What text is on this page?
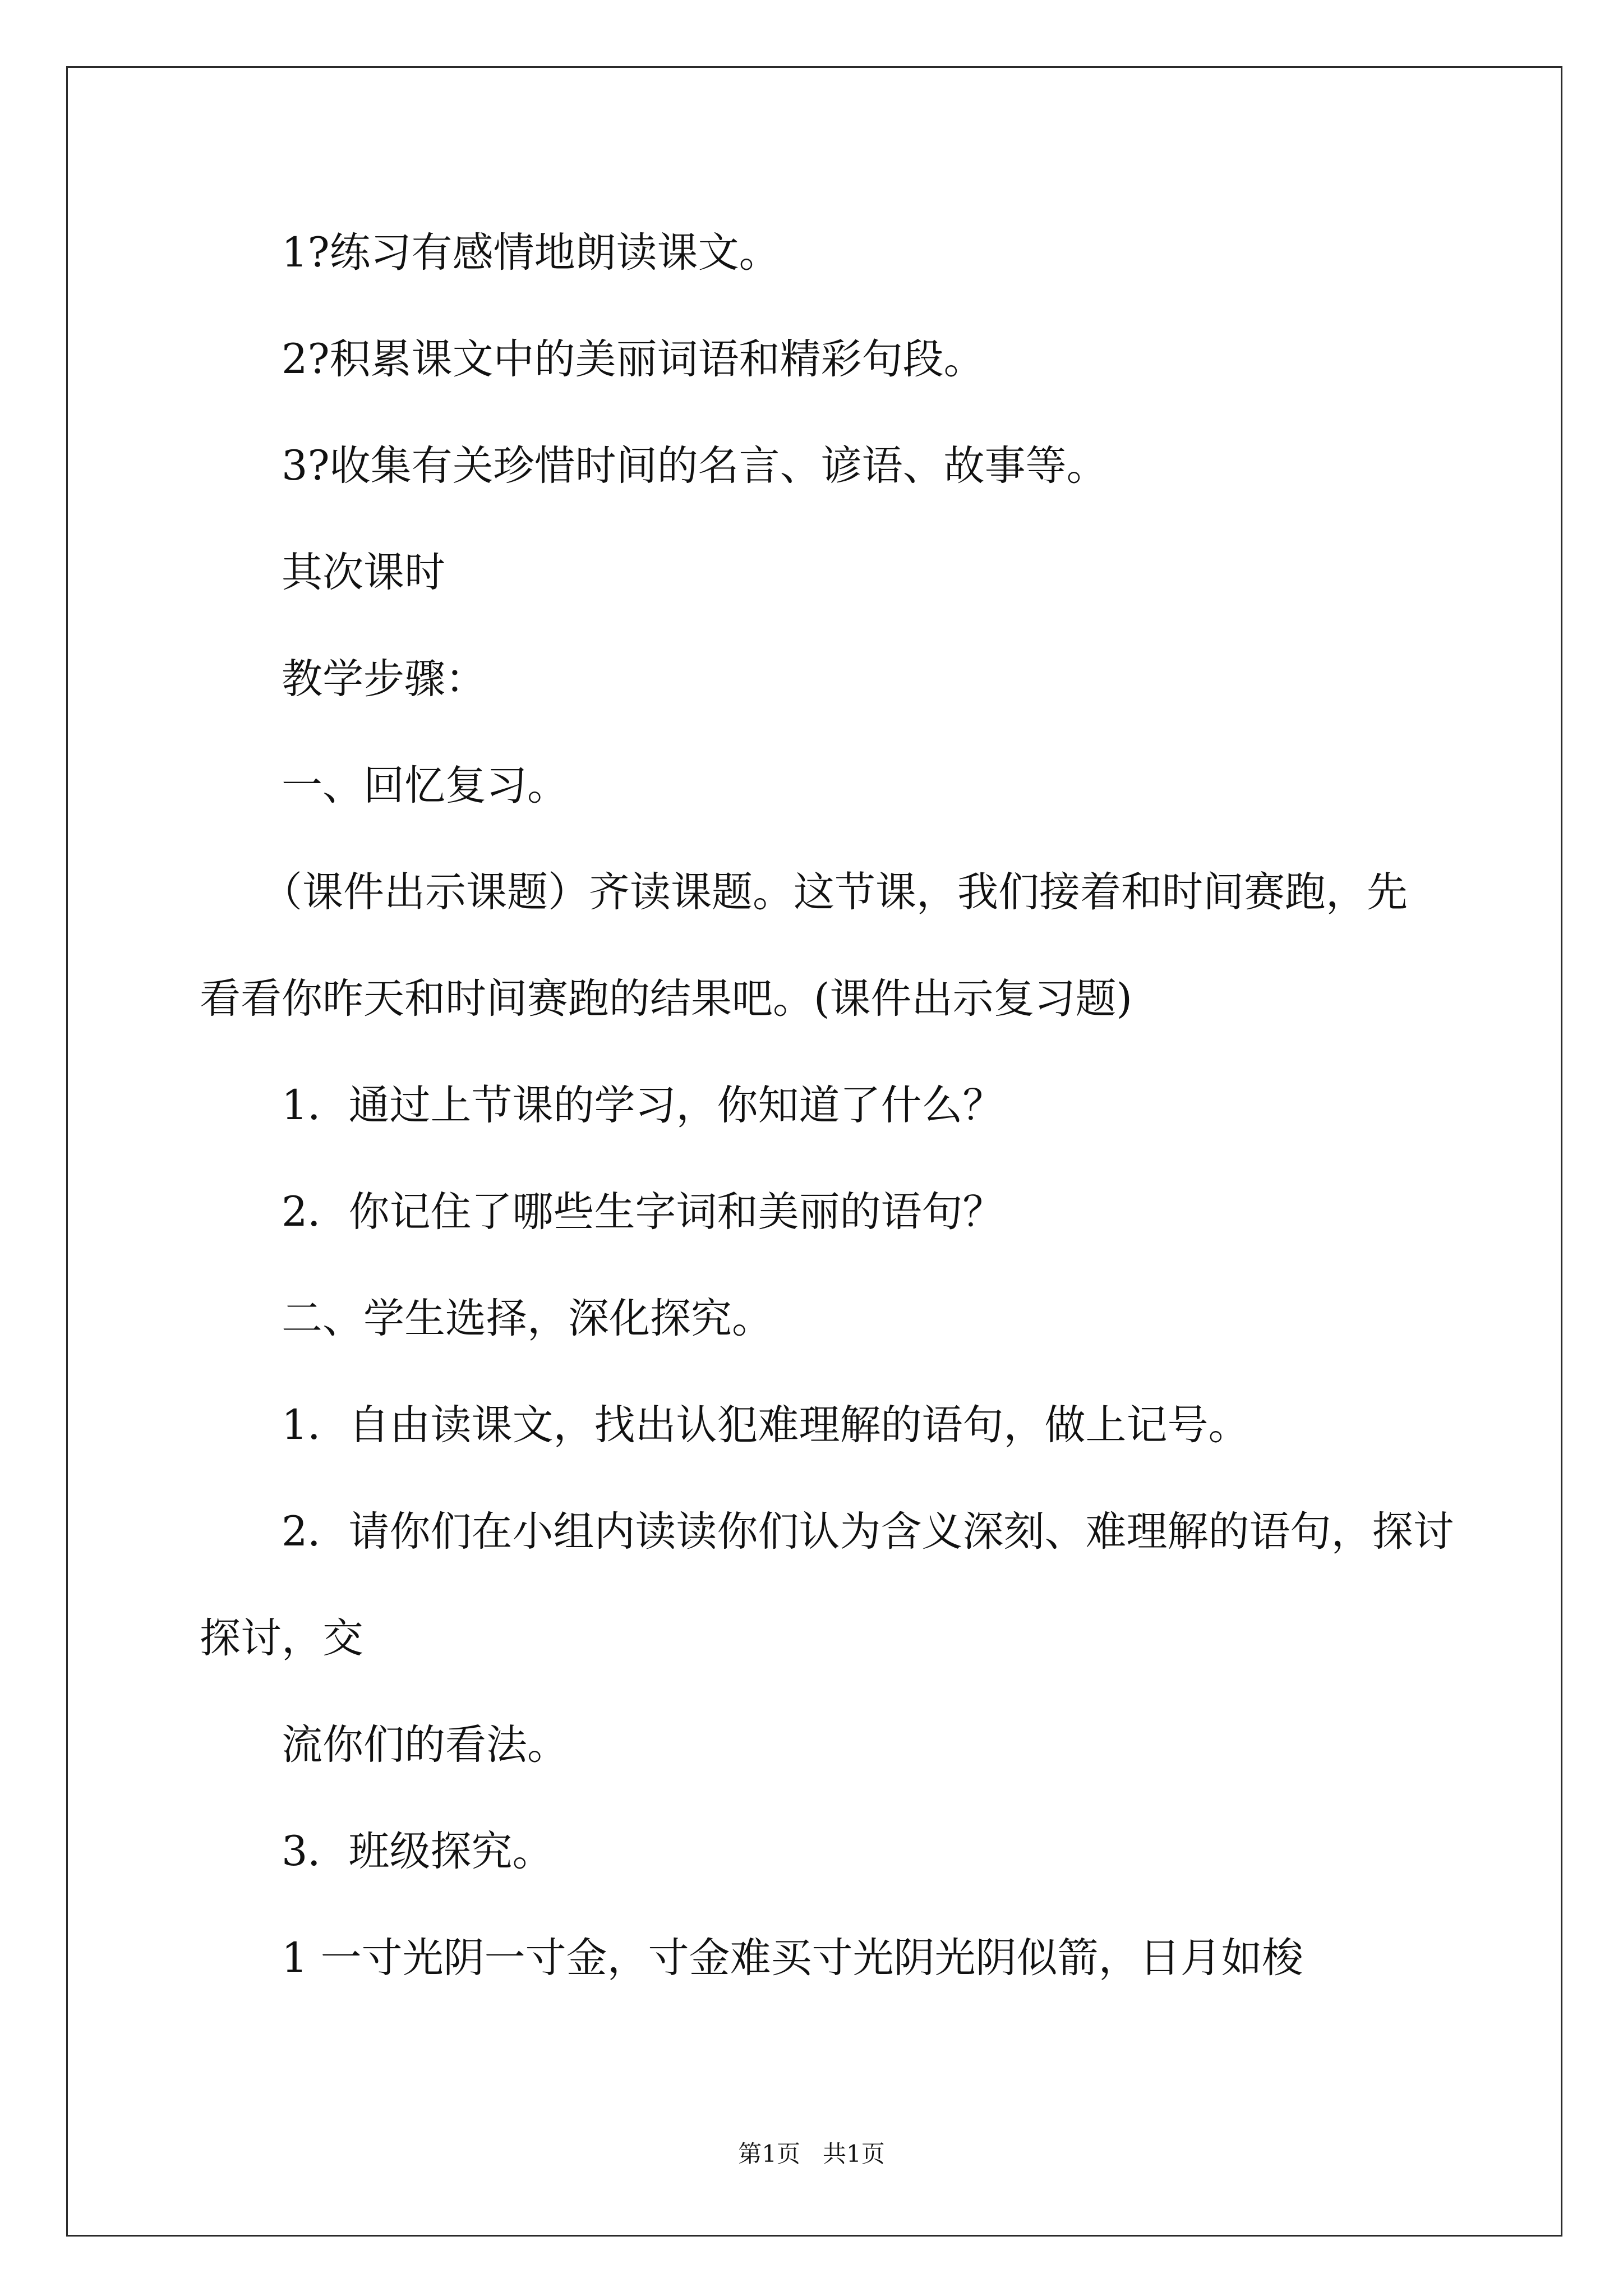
1?练习有感情地朗读课文。
2?积累课文中的美丽词语和精彩句段。
3?收集有关珍惜时间的名言、谚语、故事等。
其次课时
教学步骤：
一、回忆复习。
（课件出示课题）齐读课题。这节课，我们接着和时间赛跑，先
看看你昨天和时间赛跑的结果吧。(课件出示复习题)
1．通过上节课的学习，你知道了什么？
2．你记住了哪些生字词和美丽的语句？
二、学生选择，深化探究。
1．自由读课文，找出认犯难理解的语句，做上记号。
2．请你们在小组内读读你们认为含义深刻、难理解的语句，探讨
探讨，交
流你们的看法。
3．班级探究。
1 一寸光阴一寸金，寸金难买寸光阴光阴似箭，日月如梭
第1页   共1页
